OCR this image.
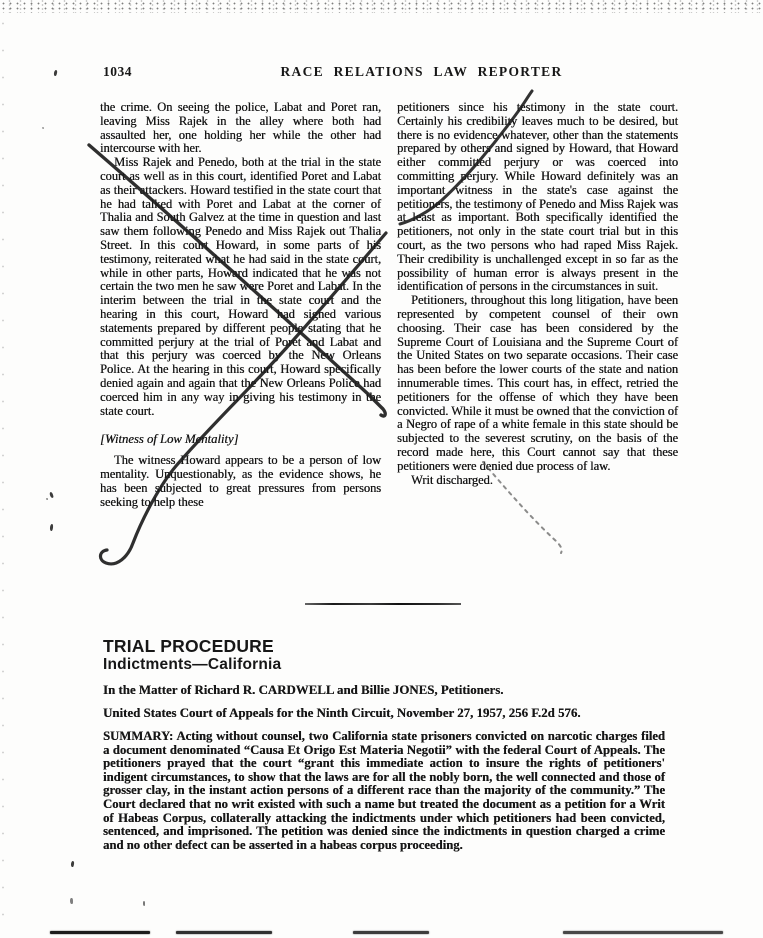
1034	RACE RELATIONS LAW REPORTER

the crime. On seeing the police, Labat and Poret ran, leaving Miss Rajek in the alley where both had assaulted her, one holding her while the other had intercourse with her.

Miss Rajek and Penedo, both at the trial in the state court as well as in this court, identified Poret and Labat as their attackers. Howard testified in the state court that he had talked with Poret and Labat at the corner of Thalia and South Galvez at the time in question and last saw them following Penedo and Miss Rajek out Thalia Street. In this court Howard, in some parts of his testimony, reiterated what he had said in the state court, while in other parts, Howard indicated that he was not certain the two men he saw were Poret and Labat. In the interim between the trial in the state court and the hearing in this court, Howard had signed various statements prepared by different people stating that he committed perjury at the trial of Poret and Labat and that this perjury was coerced by the New Orleans Police. At the hearing in this court, Howard specifically denied again and again that the New Orleans Police had coerced him in any way in giving his testimony in the state court.

[Witness of Low Mentality]

The witness Howard appears to be a person of low mentality. Unquestionably, as the evidence shows, he has been subjected to great pressures from persons seeking to help these

petitioners since his testimony in the state court. Certainly his credibility leaves much to be desired, but there is no evidence whatever, other than the statements prepared by others and signed by Howard, that Howard either committed perjury or was coerced into committing perjury. While Howard definitely was an important witness in the state's case against the petitioners, the testimony of Penedo and Miss Rajek was at least as important. Both specifically identified the petitioners, not only in the state court trial but in this court, as the two persons who had raped Miss Rajek. Their credibility is unchallenged except in so far as the possibility of human error is always present in the identification of persons in the circumstances in suit.

Petitioners, throughout this long litigation, have been represented by competent counsel of their own choosing. Their case has been considered by the Supreme Court of Louisiana and the Supreme Court of the United States on two separate occasions. Their case has been before the lower courts of the state and nation innumerable times. This court has, in effect, retried the petitioners for the offense of which they have been convicted. While it must be owned that the conviction of a Negro of rape of a white female in this state should be subjected to the severest scrutiny, on the basis of the record made here, this Court cannot say that these petitioners were denied due process of law.

Writ discharged.

TRIAL PROCEDURE
Indictments—California

In the Matter of Richard R. CARDWELL and Billie JONES, Petitioners.

United States Court of Appeals for the Ninth Circuit, November 27, 1957, 256 F.2d 576.

SUMMARY: Acting without counsel, two California state prisoners convicted on narcotic charges filed a document denominated “Causa Et Origo Est Materia Negotii” with the federal Court of Appeals. The petitioners prayed that the court “grant this immediate action to insure the rights of petitioners' indigent circumstances, to show that the laws are for all the nobly born, the well connected and those of grosser clay, in the instant action persons of a different race than the majority of the community.” The Court declared that no writ existed with such a name but treated the document as a petition for a Writ of Habeas Corpus, collaterally attacking the indictments under which petitioners had been convicted, sentenced, and imprisoned. The petition was denied since the indictments in question charged a crime and no other defect can be asserted in a habeas corpus proceeding.
